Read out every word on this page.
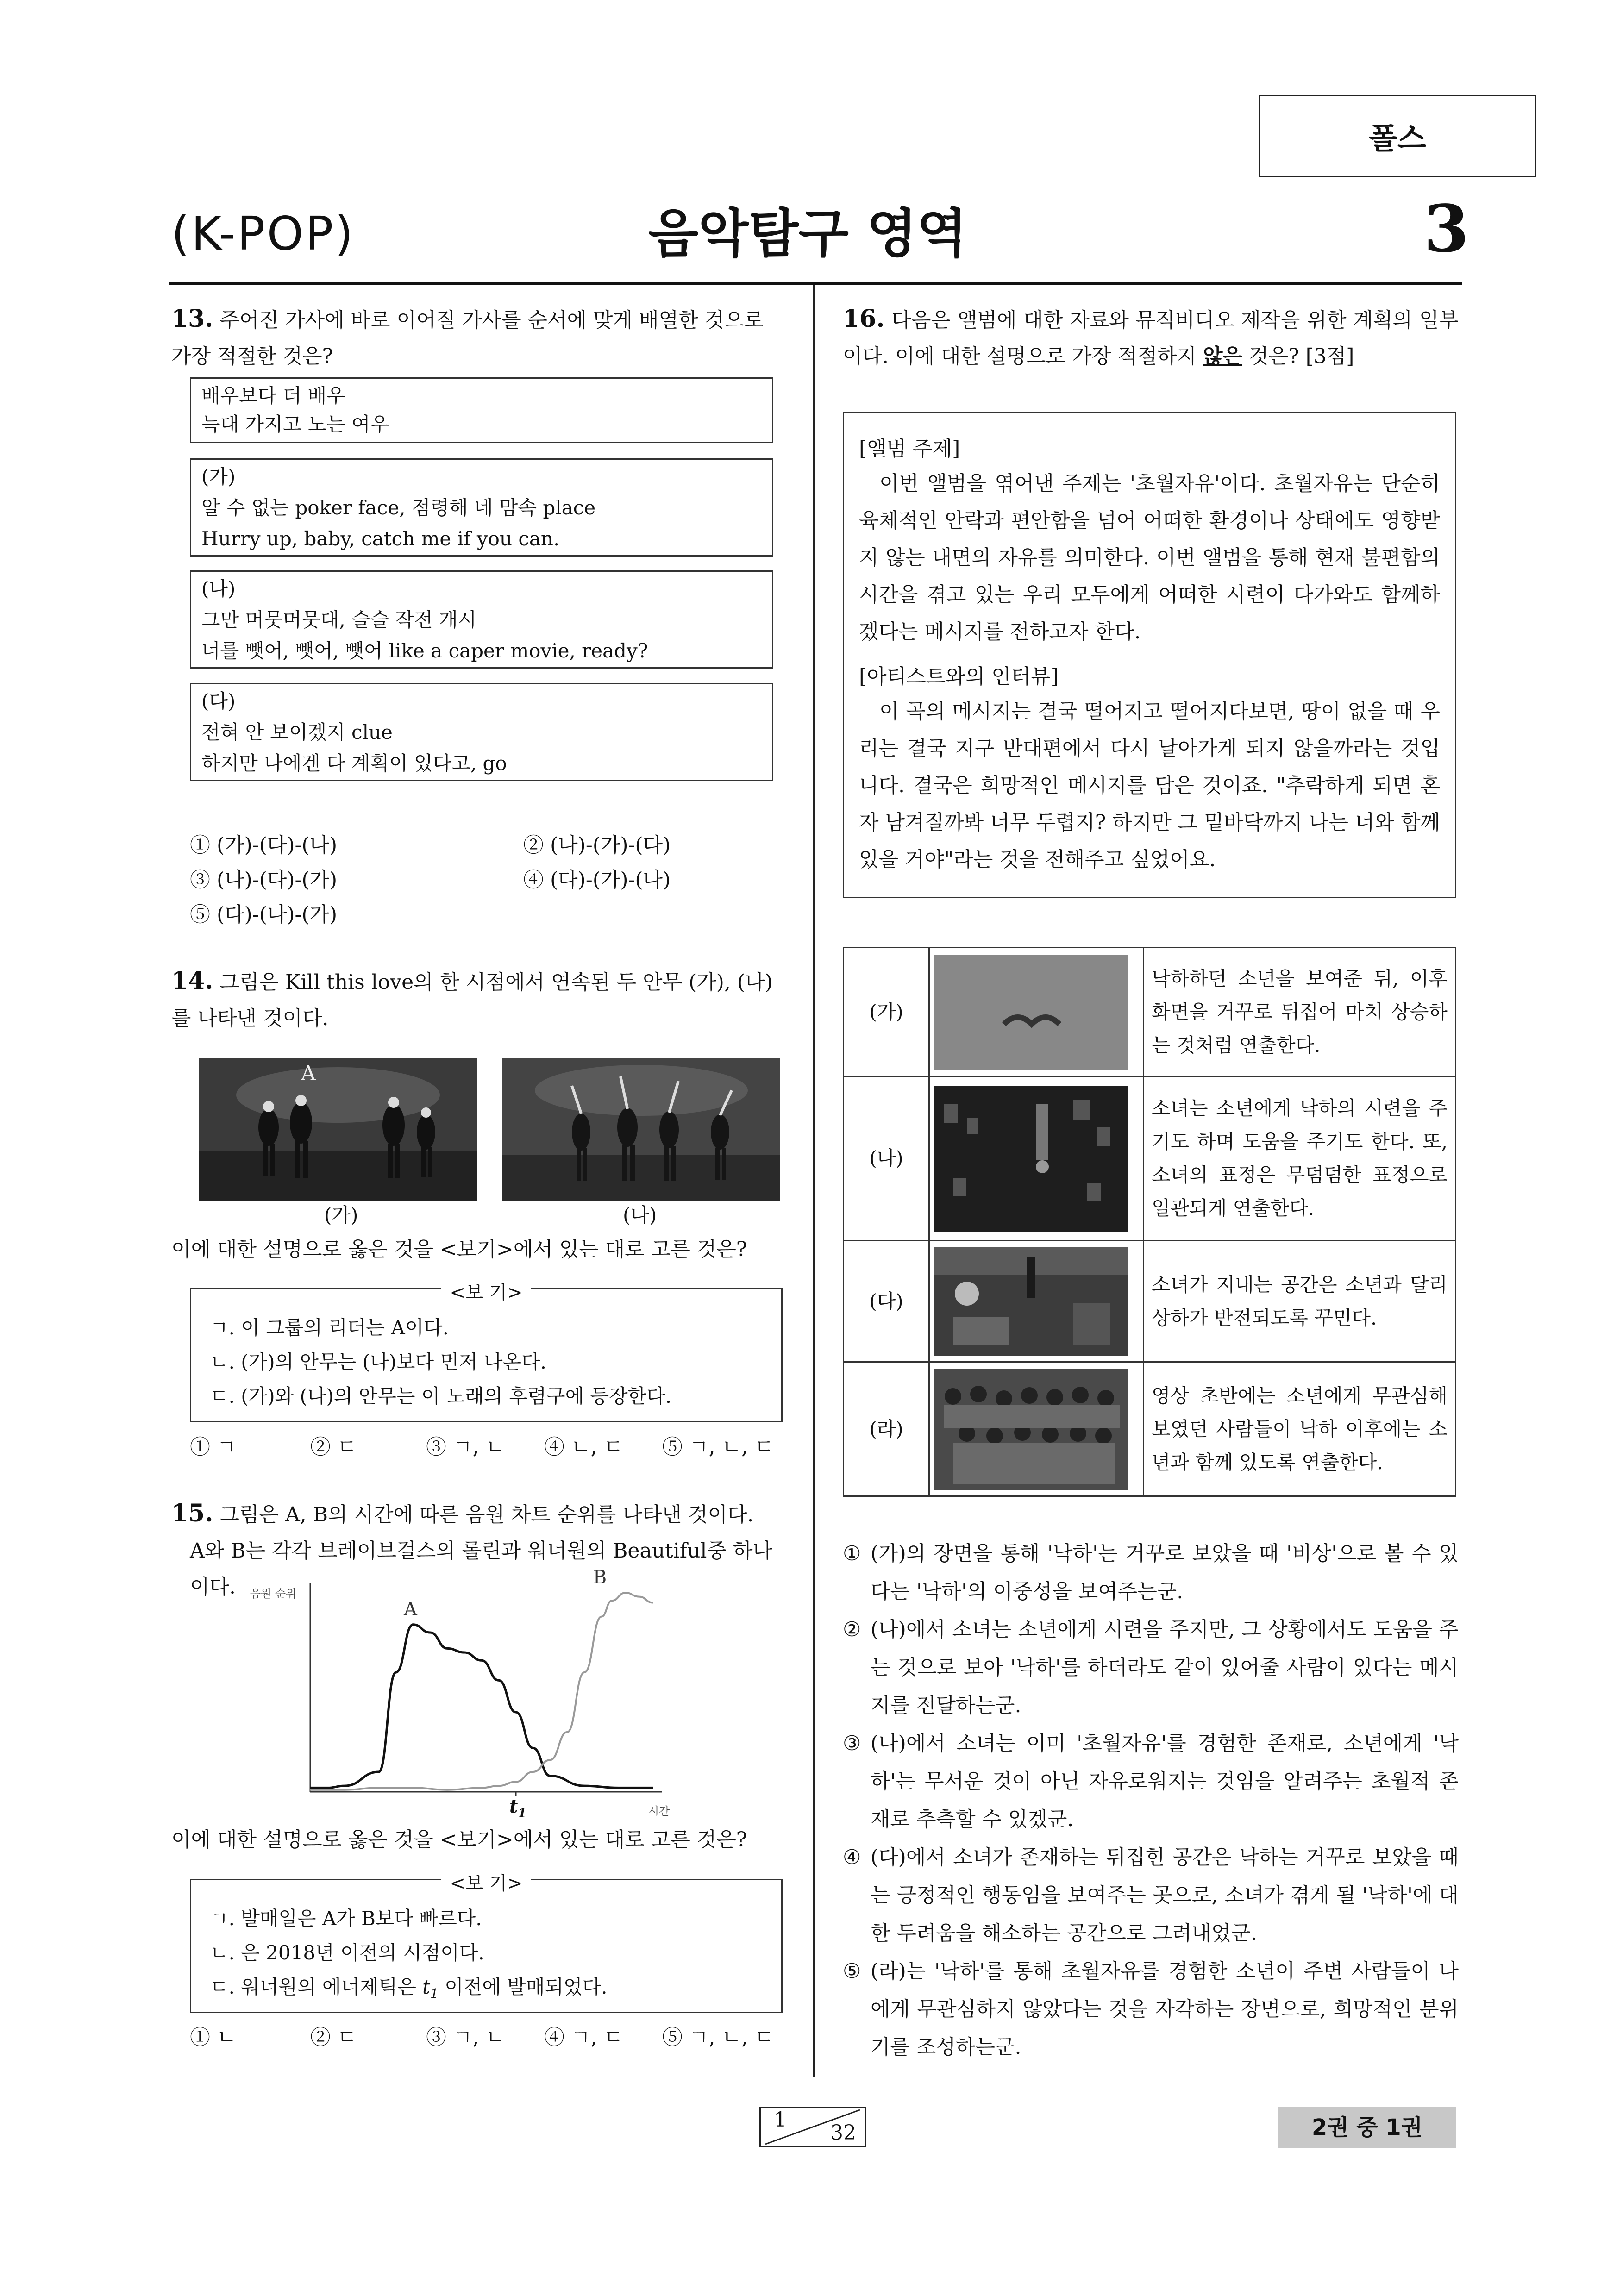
폴스
(K-POP)	음악탐구 영역	3
13. 주어진 가사에 바로 이어질 가사를 순서에 맞게 배열한 것으로 가장 적절한 것은?
배우보다 더 배우
늑대 가지고 노는 여우
(가)
알 수 없는 poker face, 점령해 네 맘속 place
Hurry up, baby, catch me if you can.
(나)
그만 머뭇머뭇대, 슬슬 작전 개시
너를 뺏어, 뺏어, 뺏어 like a caper movie, ready?
(다)
전혀 안 보이겠지 clue
하지만 나에겐 다 계획이 있다고, go
① (가)-(다)-(나)	② (나)-(가)-(다)
③ (나)-(다)-(가)	④ (다)-(가)-(나)
⑤ (다)-(나)-(가)
14. 그림은 Kill this love의 한 시점에서 연속된 두 안무 (가), (나)를 나타낸 것이다.
A
(가)	(나)
이에 대한 설명으로 옳은 것을 <보기>에서 있는 대로 고른 것은?
<보 기>
ㄱ. 이 그룹의 리더는 A이다.
ㄴ. (가)의 안무는 (나)보다 먼저 나온다.
ㄷ. (가)와 (나)의 안무는 이 노래의 후렴구에 등장한다.
① ㄱ	② ㄷ	③ ㄱ, ㄴ ④ ㄴ, ㄷ ⑤ ㄱ, ㄴ, ㄷ
15. 그림은 A, B의 시간에 따른 음원 차트 순위를 나타낸 것이다.
A와 B는 각각 브레이브걸스의 롤린과 워너원의 Beautiful중 하나
이다.	음원 순위
시간
$t_1$
A
B
이에 대한 설명으로 옳은 것을 <보기>에서 있는 대로 고른 것은?
<보 기>
ㄱ. 발매일은 A가 B보다 빠르다.
ㄴ. 은 2018년 이전의 시점이다.
ㄷ. 워너원의 에너제틱은 $t_1$ 이전에 발매되었다.
① ㄴ	② ㄷ	③ ㄱ, ㄴ ④ ㄱ, ㄷ ⑤ ㄱ, ㄴ, ㄷ
16. 다음은 앨범에 대한 자료와 뮤직비디오 제작을 위한 계획의 일부이다. 이에 대한 설명으로 가장 적절하지 않은 것은? [3점]
[앨범 주제]
이번 앨범을 엮어낸 주제는 '초월자유'이다. 초월자유는 단순히 육체적인 안락과 편안함을 넘어 어떠한 환경이나 상태에도 영향받지 않는 내면의 자유를 의미한다. 이번 앨범을 통해 현재 불편함의 시간을 겪고 있는 우리 모두에게 어떠한 시련이 다가와도 함께하겠다는 메시지를 전하고자 한다.
[아티스트와의 인터뷰]
이 곡의 메시지는 결국 떨어지고 떨어지다보면, 땅이 없을 때 우리는 결국 지구 반대편에서 다시 날아가게 되지 않을까라는 것입니다. 결국은 희망적인 메시지를 담은 것이죠. "추락하게 되면 혼자 남겨질까봐 너무 두렵지? 하지만 그 밑바닥까지 나는 너와 함께 있을 거야"라는 것을 전해주고 싶었어요.
(가)		낙하하던 소년을 보여준 뒤, 이후 화면을 거꾸로 뒤집어 마치 상승하는 것처럼 연출한다.
(나)		소녀는 소년에게 낙하의 시련을 주기도 하며 도움을 주기도 한다. 또, 소녀의 표정은 무덤덤한 표정으로 일관되게 연출한다.
(다)		소녀가 지내는 공간은 소년과 달리 상하가 반전되도록 꾸민다.
(라)		영상 초반에는 소년에게 무관심해 보였던 사람들이 낙하 이후에는 소년과 함께 있도록 연출한다.
① (가)의 장면을 통해 '낙하'는 거꾸로 보았을 때 '비상'으로 볼 수 있다는 '낙하'의 이중성을 보여주는군.
② (나)에서 소녀는 소년에게 시련을 주지만, 그 상황에서도 도움을 주는 것으로 보아 '낙하'를 하더라도 같이 있어줄 사람이 있다는 메시지를 전달하는군.
③ (나)에서 소녀는 이미 '초월자유'를 경험한 존재로, 소년에게 '낙하'는 무서운 것이 아닌 자유로워지는 것임을 알려주는 초월적 존재로 추측할 수 있겠군.
④ (다)에서 소녀가 존재하는 뒤집힌 공간은 낙하는 거꾸로 보았을 때는 긍정적인 행동임을 보여주는 곳으로, 소녀가 겪게 될 '낙하'에 대한 두려움을 해소하는 공간으로 그려내었군.
⑤ (라)는 '낙하'를 통해 초월자유를 경험한 소년이 주변 사람들이 나에게 무관심하지 않았다는 것을 자각하는 장면으로, 희망적인 분위기를 조성하는군.
1
32	2권 중 1권
